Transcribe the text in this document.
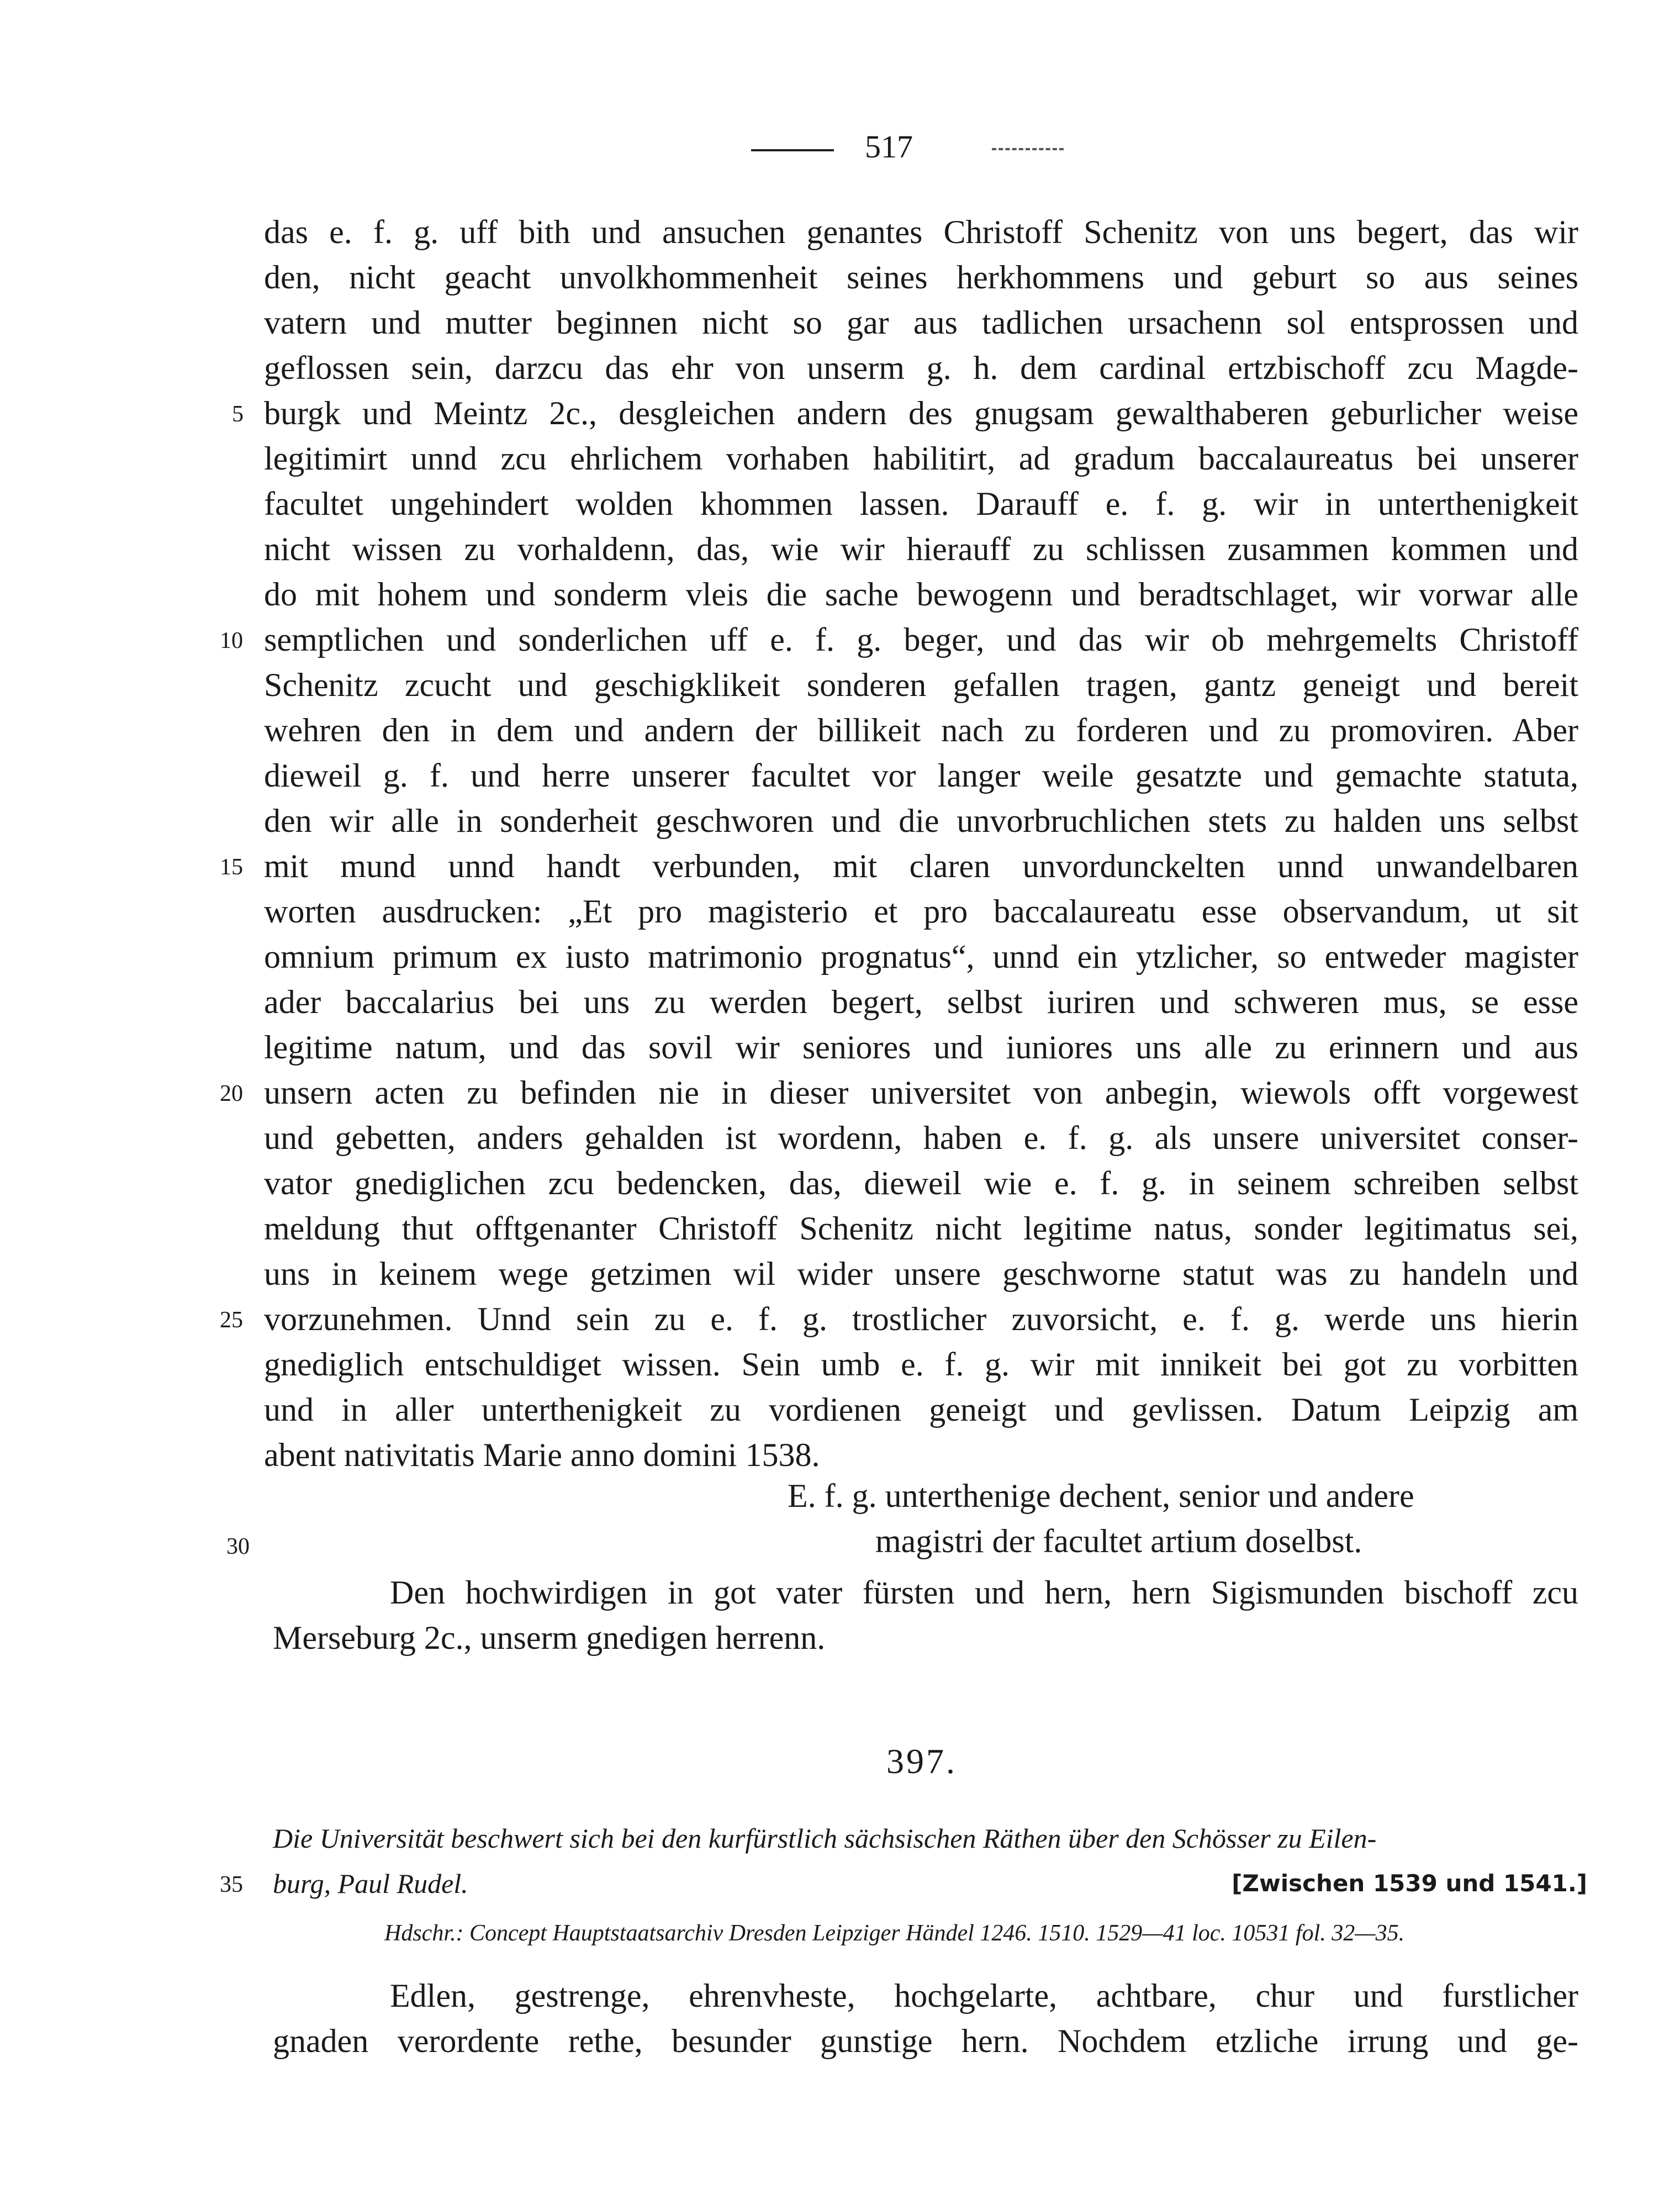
517
das e. f. g. uff bith und ansuchen genantes Christoff Schenitz von uns begert, das wir
den, nicht geacht unvolkhommenheit seines herkhommens und geburt so aus seines
vatern und mutter beginnen nicht so gar aus tadlichen ursachenn sol entsprossen und
geflossen sein, darzcu das ehr von unserm g. h. dem cardinal ertzbischoff zcu Magde-
burgk und Meintz 2c., desgleichen andern des gnugsam gewalthaberen geburlicher weise
legitimirt unnd zcu ehrlichem vorhaben habilitirt, ad gradum baccalaureatus bei unserer
facultet ungehindert wolden khommen lassen. Darauff e. f. g. wir in unterthenigkeit
nicht wissen zu vorhaldenn, das, wie wir hierauff zu schlissen zusammen kommen und
do mit hohem und sonderm vleis die sache bewogenn und beradtschlaget, wir vorwar alle
semptlichen und sonderlichen uff e. f. g. beger, und das wir ob mehrgemelts Christoff
Schenitz zcucht und geschigklikeit sonderen gefallen tragen, gantz geneigt und bereit
wehren den in dem und andern der billikeit nach zu forderen und zu promoviren. Aber
dieweil g. f. und herre unserer facultet vor langer weile gesatzte und gemachte statuta,
den wir alle in sonderheit geschworen und die unvorbruchlichen stets zu halden uns selbst
mit mund unnd handt verbunden, mit claren unvordunckelten unnd unwandelbaren
worten ausdrucken: „Et pro magisterio et pro baccalaureatu esse observandum, ut sit
omnium primum ex iusto matrimonio prognatus“, unnd ein ytzlicher, so entweder magister
ader baccalarius bei uns zu werden begert, selbst iuriren und schweren mus, se esse
legitime natum, und das sovil wir seniores und iuniores uns alle zu erinnern und aus
unsern acten zu befinden nie in dieser universitet von anbegin, wiewols offt vorgewest
und gebetten, anders gehalden ist wordenn, haben e. f. g. als unsere universitet conser-
vator gnediglichen zcu bedencken, das, dieweil wie e. f. g. in seinem schreiben selbst
meldung thut offtgenanter Christoff Schenitz nicht legitime natus, sonder legitimatus sei,
uns in keinem wege getzimen wil wider unsere geschworne statut was zu handeln und
vorzunehmen. Unnd sein zu e. f. g. trostlicher zuvorsicht, e. f. g. werde uns hierin
gnediglich entschuldiget wissen. Sein umb e. f. g. wir mit innikeit bei got zu vorbitten
und in aller unterthenigkeit zu vordienen geneigt und gevlissen. Datum Leipzig am
abent nativitatis Marie anno domini 1538.
5
10
15
20
25
30
35
E. f. g. unterthenige dechent, senior und andere
magistri der facultet artium doselbst.
Den hochwirdigen in got vater fürsten und hern, hern Sigismunden bischoff zcu
Merseburg 2c., unserm gnedigen herrenn.
397.
Die Universität beschwert sich bei den kurfürstlich sächsischen Räthen über den Schösser zu Eilen-
burg, Paul Rudel.	[Zwischen 1539 und 1541.]
Hdschr.: Concept Hauptstaatsarchiv Dresden Leipziger Händel 1246. 1510. 1529—41 loc. 10531 fol. 32—35.
Edlen, gestrenge, ehrenvheste, hochgelarte, achtbare, chur und furstlicher
gnaden verordente rethe, besunder gunstige hern. Nochdem etzliche irrung und ge-
